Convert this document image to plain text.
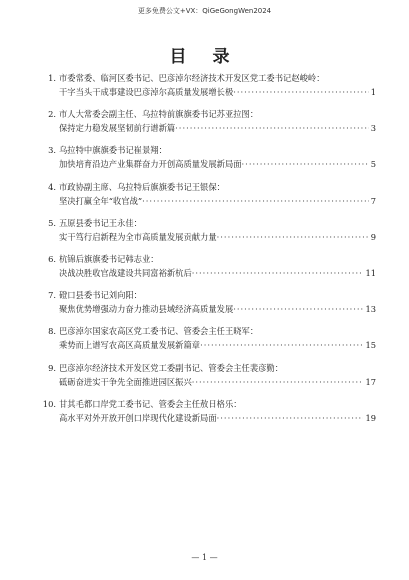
更多免费公文+VX：QiGeGongWen2024
目 录
1. 市委常委、临河区委书记、巴彦淖尔经济技术开发区党工委书记赵峻岭：
干字当头干成事建设巴彦淖尔高质量发展增长极 ·····	1
2. 市人大常委会副主任、乌拉特前旗旗委书记苏亚拉图：
保持定力稳发展坚韧前行谱新篇 ·····	3
3. 乌拉特中旗旗委书记崔景翔：
加快培育沿边产业集群奋力开创高质量发展新局面 ·····	5
4. 市政协副主席、乌拉特后旗旗委书记王银保：
坚决打赢全年“收官战” ·····	7
5. 五原县委书记王永佳：
实干笃行启新程为全市高质量发展贡献力量 ·····	9
6. 杭锦后旗旗委书记韩志业：
决战决胜收官战建设共同富裕新杭后 ·····	11
7. 磴口县委书记刘向阳：
聚焦优势增强动力奋力推动县域经济高质量发展 ·····	13
8. 巴彦淖尔国家农高区党工委书记、管委会主任王晓军：
乘势而上谱写农高区高质量发展新篇章 ·····	15
9. 巴彦淖尔经济技术开发区党工委副书记、管委会主任裴彦勤：
砥砺奋进实干争先全面推进园区振兴 ·····	17
10. 甘其毛都口岸党工委书记、管委会主任敖日格乐：
高水平对外开放开创口岸现代化建设新局面 ·····	19
— 1 —
